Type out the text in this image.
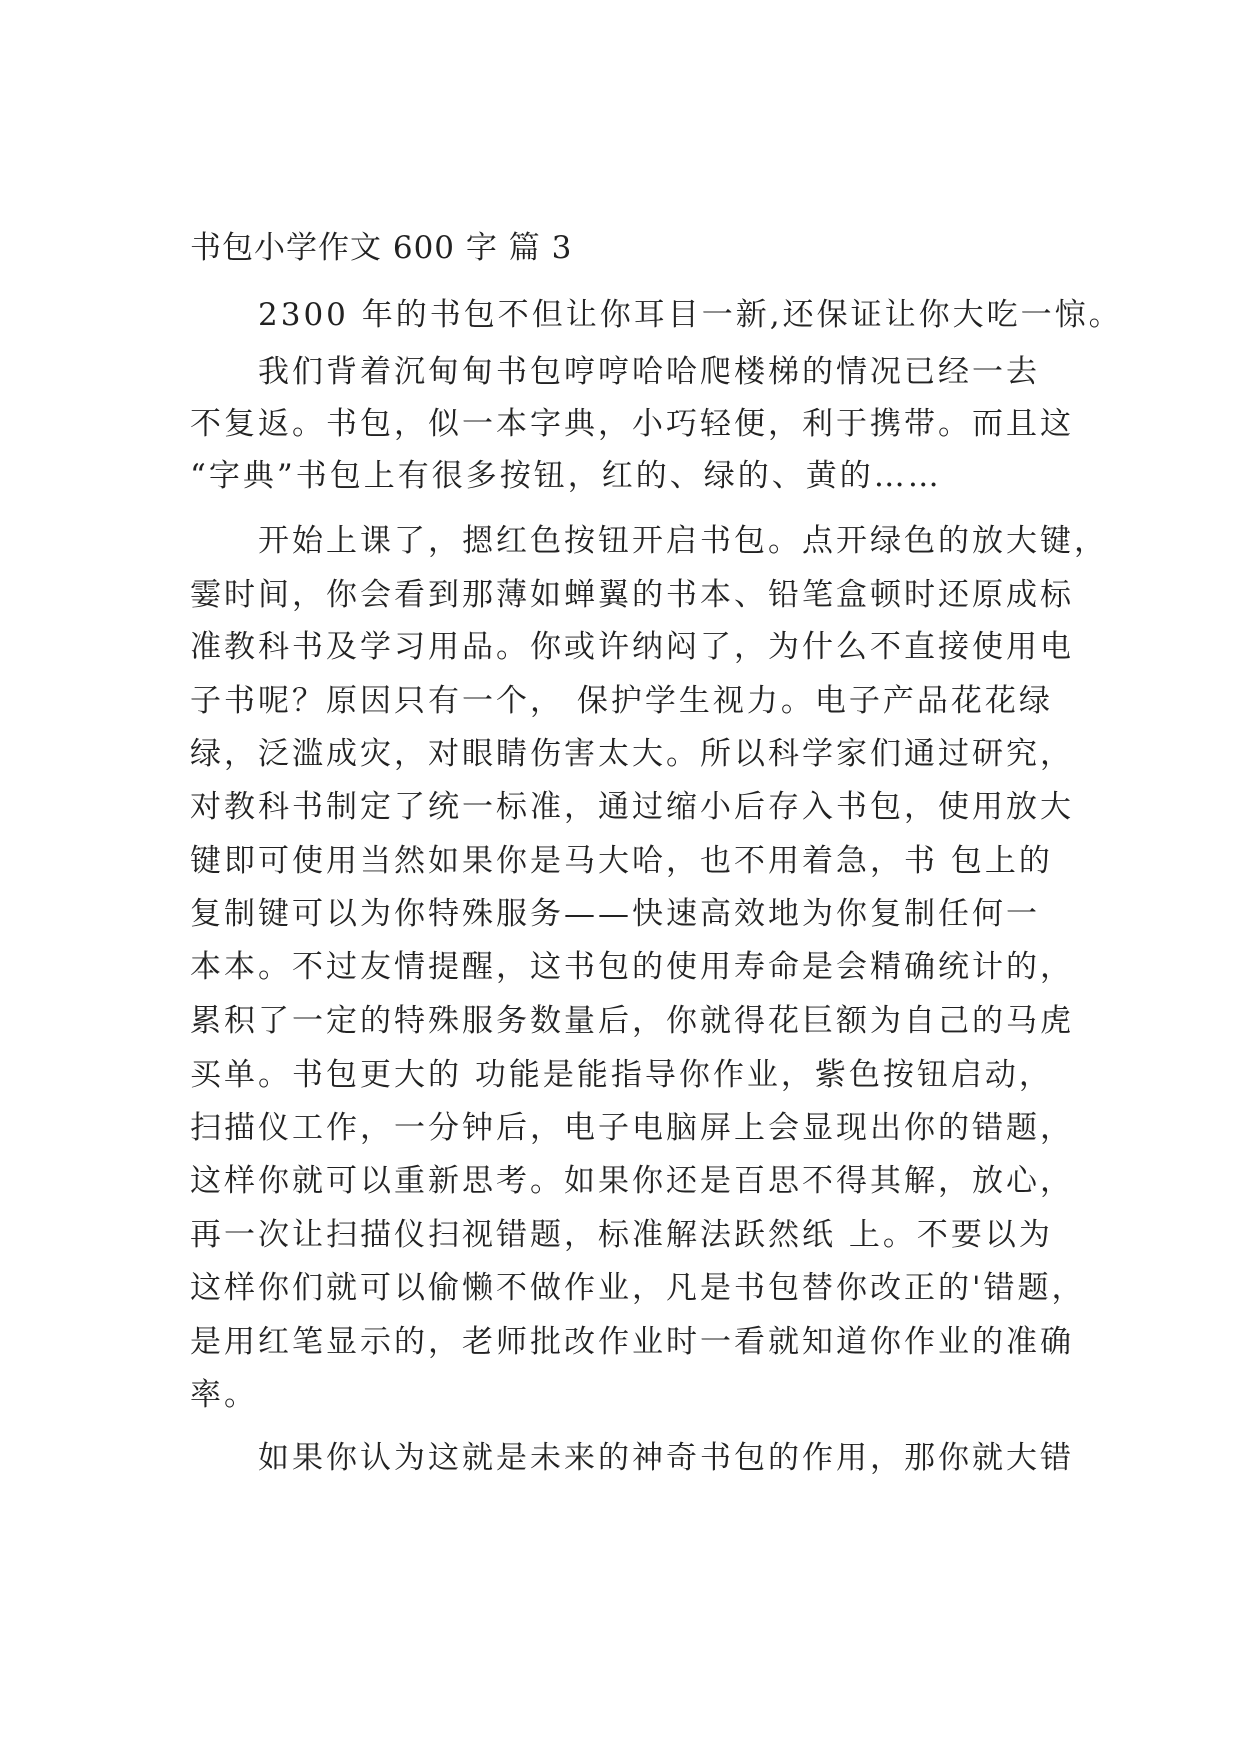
书包小学作文 600 字 篇 3
2300 年的书包不但让你耳目一新,还保证让你大吃一惊。
我们背着沉甸甸书包哼哼哈哈爬楼梯的情况已经一去
不复返。书包，似一本字典，小巧轻便，利于携带。而且这
“字典”书包上有很多按钮，红的、绿的、黄的……
开始上课了，摁红色按钮开启书包。点开绿色的放大键，
霎时间，你会看到那薄如蝉翼的书本、铅笔盒顿时还原成标
准教科书及学习用品。你或许纳闷了，为什么不直接使用电
子书呢？原因只有一个， 保护学生视力。电子产品花花绿
绿，泛滥成灾，对眼睛伤害太大。所以科学家们通过研究，
对教科书制定了统一标准，通过缩小后存入书包，使用放大
键即可使用当然如果你是马大哈，也不用着急，书 包上的
复制键可以为你特殊服务——快速高效地为你复制任何一
本本。不过友情提醒，这书包的使用寿命是会精确统计的，
累积了一定的特殊服务数量后，你就得花巨额为自己的马虎
买单。书包更大的 功能是能指导你作业，紫色按钮启动，
扫描仪工作，一分钟后，电子电脑屏上会显现出你的错题，
这样你就可以重新思考。如果你还是百思不得其解，放心，
再一次让扫描仪扫视错题，标准解法跃然纸 上。不要以为
这样你们就可以偷懒不做作业，凡是书包替你改正的'错题，
是用红笔显示的，老师批改作业时一看就知道你作业的准确
率。
如果你认为这就是未来的神奇书包的作用，那你就大错
